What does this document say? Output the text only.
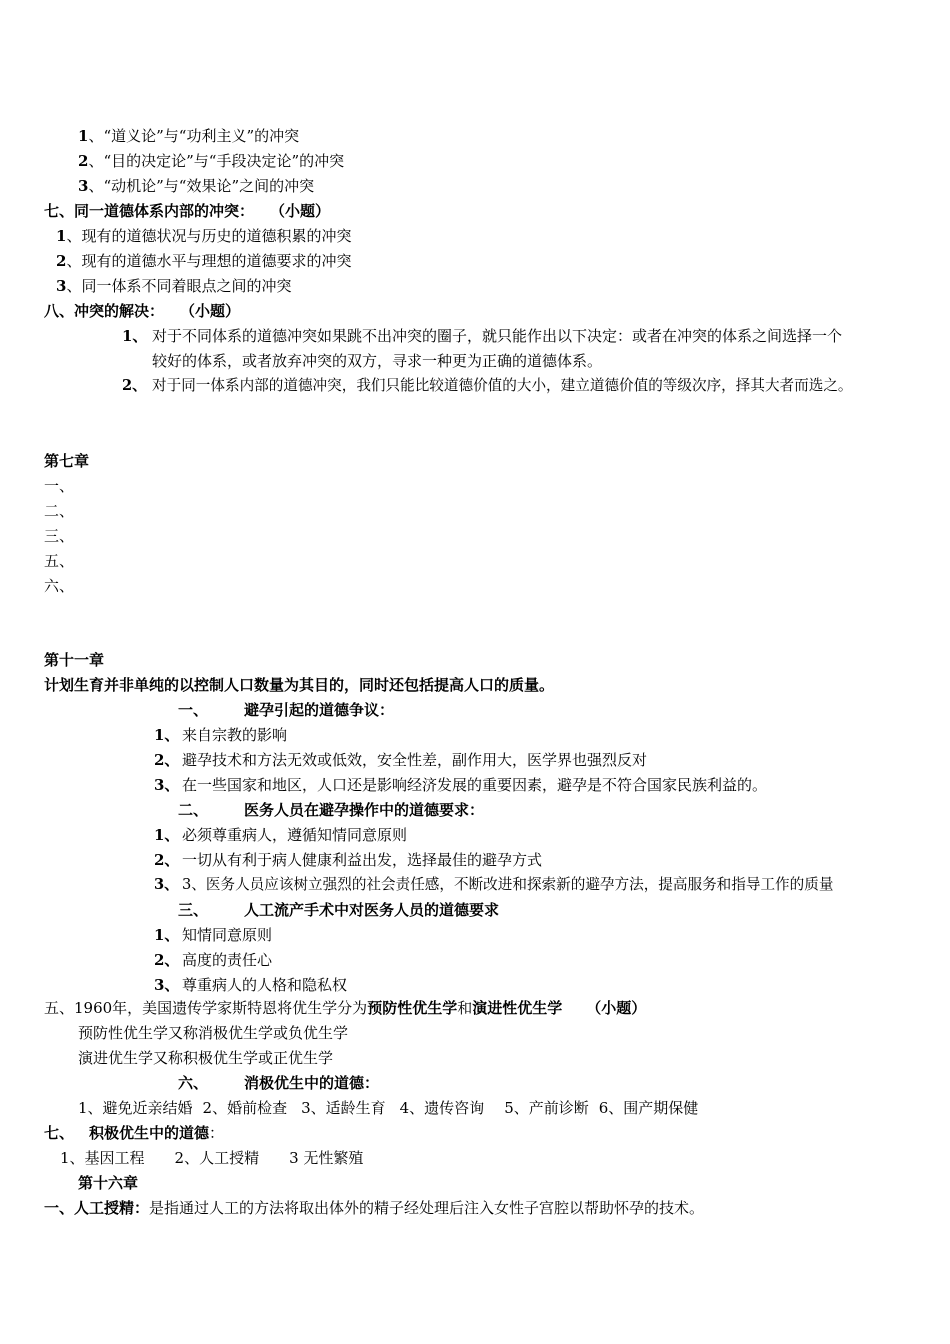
1、“道义论”与“功利主义”的冲突
2、“目的决定论”与“手段决定论”的冲突
3、“动机论”与“效果论”之间的冲突
七、同一道德体系内部的冲突： （小题）
1、现有的道德状况与历史的道德积累的冲突
2、现有的道德水平与理想的道德要求的冲突
3、同一体系不同着眼点之间的冲突
八、冲突的解决： （小题）
1、 对于不同体系的道德冲突如果跳不出冲突的圈子，就只能作出以下决定：或者在冲突的体系之间选择一个
较好的体系，或者放弃冲突的双方，寻求一种更为正确的道德体系。
2、 对于同一体系内部的道德冲突，我们只能比较道德价值的大小，建立道德价值的等级次序，择其大者而选之。
第七章
一、
二、
三、
五、
六、
第十一章
计划生育并非单纯的以控制人口数量为其目的，同时还包括提高人口的质量。
一、 避孕引起的道德争议：
1、 来自宗教的影响
2、 避孕技术和方法无效或低效，安全性差，副作用大，医学界也强烈反对
3、 在一些国家和地区，人口还是影响经济发展的重要因素，避孕是不符合国家民族利益的。
二、 医务人员在避孕操作中的道德要求：
1、 必须尊重病人，遵循知情同意原则
2、 一切从有利于病人健康利益出发，选择最佳的避孕方式
3、 3、医务人员应该树立强烈的社会责任感，不断改进和探索新的避孕方法，提高服务和指导工作的质量
三、 人工流产手术中对医务人员的道德要求
1、 知情同意原则
2、 高度的责任心
3、 尊重病人的人格和隐私权
五、1960年，美国遗传学家斯特恩将优生学分为预防性优生学和演进性优生学 （小题）
预防性优生学又称消极优生学或负优生学
演进优生学又称积极优生学或正优生学
六、 消极优生中的道德：
1、避免近亲结婚 2、婚前检查 3、适龄生育 4、遗传咨询 5、产前诊断 6、围产期保健
七、 积极优生中的道德：
1、基因工程 2、人工授精 3 无性繁殖
第十六章
一、人工授精：是指通过人工的方法将取出体外的精子经处理后注入女性子宫腔以帮助怀孕的技术。
